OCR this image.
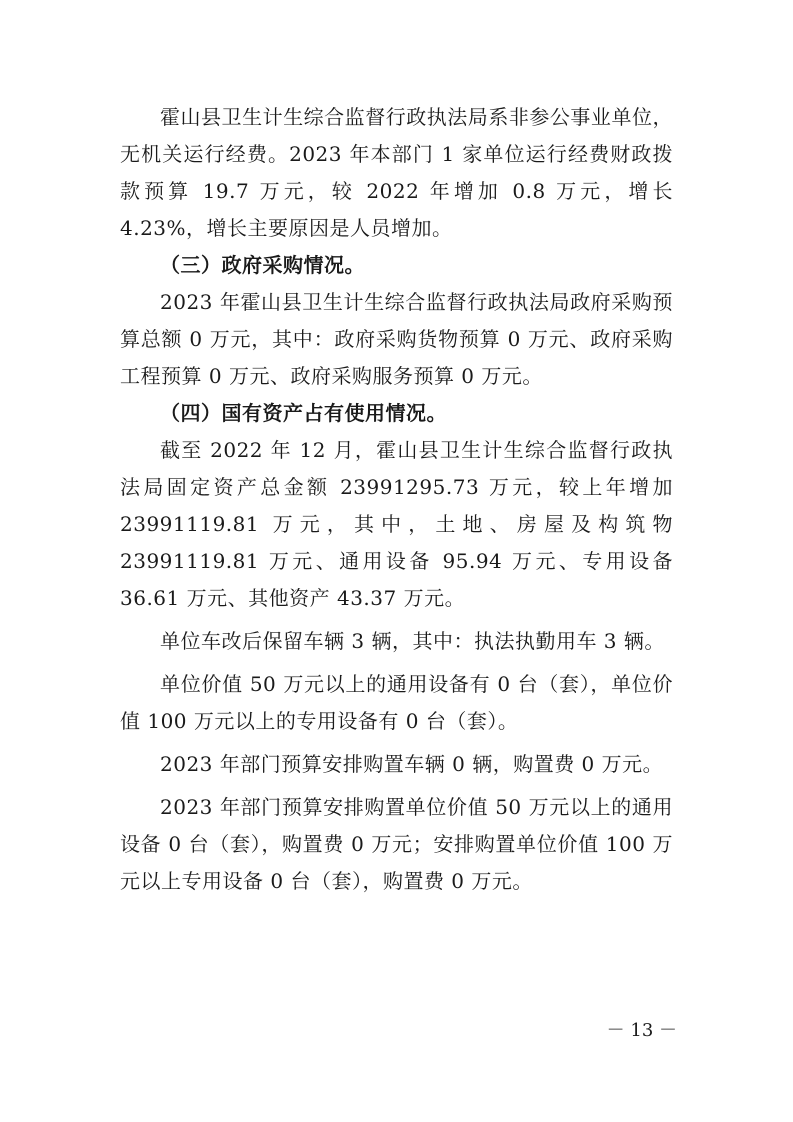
霍山县卫生计生综合监督行政执法局系非参公事业单位，无机关运行经费。2023 年本部门 1 家单位运行经费财政拨款预算 19.7 万元，较 2022 年增加 0.8 万元，增长 4.23%，增长主要原因是人员增加。

（三）政府采购情况。

2023 年霍山县卫生计生综合监督行政执法局政府采购预算总额 0 万元，其中：政府采购货物预算 0 万元、政府采购工程预算 0 万元、政府采购服务预算 0 万元。

（四）国有资产占有使用情况。

截至 2022 年 12 月，霍山县卫生计生综合监督行政执法局固定资产总金额 23991295.73 万元，较上年增加 23991119.81 万元，其中，土地、房屋及构筑物 23991119.81 万元、通用设备 95.94 万元、专用设备 36.61 万元、其他资产 43.37 万元。

单位车改后保留车辆 3 辆，其中：执法执勤用车 3 辆。

单位价值 50 万元以上的通用设备有 0 台（套），单位价值 100 万元以上的专用设备有 0 台（套）。

2023 年部门预算安排购置车辆 0 辆，购置费 0 万元。

2023 年部门预算安排购置单位价值 50 万元以上的通用设备 0 台（套），购置费 0 万元；安排购置单位价值 100 万元以上专用设备 0 台（套），购置费 0 万元。

－ 13 －
